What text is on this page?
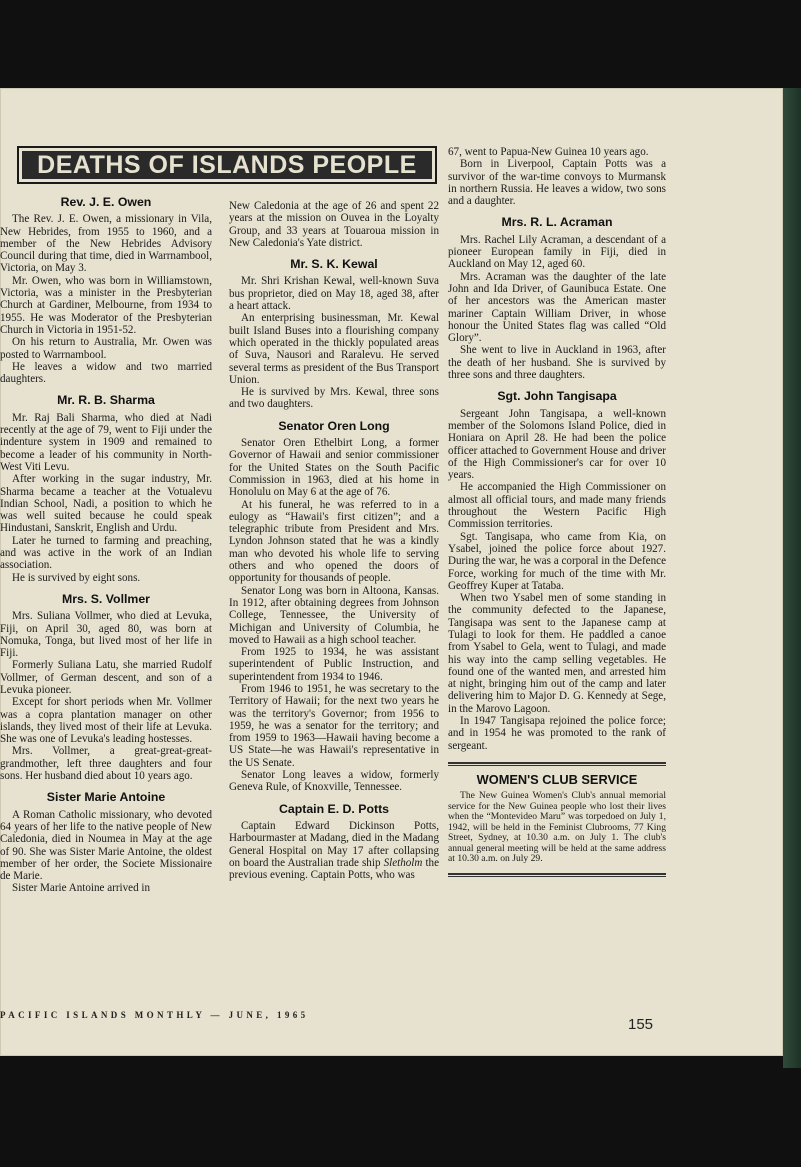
DEATHS OF ISLANDS PEOPLE
Rev. J. E. Owen

The Rev. J. E. Owen, a missionary in Vila, New Hebrides, from 1955 to 1960, and a member of the New Hebrides Advisory Council during that time, died in Warrnambool, Victoria, on May 3.

Mr. Owen, who was born in Williamstown, Victoria, was a minister in the Presbyterian Church at Gardiner, Melbourne, from 1934 to 1955. He was Moderator of the Presbyterian Church in Victoria in 1951-52.

On his return to Australia, Mr. Owen was posted to Warrnambool.

He leaves a widow and two married daughters.

Mr. R. B. Sharma

Mr. Raj Bali Sharma, who died at Nadi recently at the age of 79, went to Fiji under the indenture system in 1909 and remained to become a leader of his community in North-West Viti Levu.

After working in the sugar industry, Mr. Sharma became a teacher at the Votualevu Indian School, Nadi, a position to which he was well suited because he could speak Hindustani, Sanskrit, English and Urdu.

Later he turned to farming and preaching, and was active in the work of an Indian association.

He is survived by eight sons.

Mrs. S. Vollmer

Mrs. Suliana Vollmer, who died at Levuka, Fiji, on April 30, aged 80, was born at Nomuka, Tonga, but lived most of her life in Fiji.

Formerly Suliana Latu, she married Rudolf Vollmer, of German descent, and son of a Levuka pioneer.

Except for short periods when Mr. Vollmer was a copra plantation manager on other islands, they lived most of their life at Levuka. She was one of Levuka's leading hostesses.

Mrs. Vollmer, a great-great-great-grandmother, left three daughters and four sons. Her husband died about 10 years ago.

Sister Marie Antoine

A Roman Catholic missionary, who devoted 64 years of her life to the native people of New Caledonia, died in Noumea in May at the age of 90. She was Sister Marie Antoine, the oldest member of her order, the Societe Missionaire de Marie.

Sister Marie Antoine arrived in

New Caledonia at the age of 26 and spent 22 years at the mission on Ouvea in the Loyalty Group, and 33 years at Touaroua mission in New Caledonia's Yate district.

Mr. S. K. Kewal

Mr. Shri Krishan Kewal, well-known Suva bus proprietor, died on May 18, aged 38, after a heart attack.

An enterprising businessman, Mr. Kewal built Island Buses into a flourishing company which operated in the thickly populated areas of Suva, Nausori and Raralevu. He served several terms as president of the Bus Transport Union.

He is survived by Mrs. Kewal, three sons and two daughters.

Senator Oren Long

Senator Oren Ethelbirt Long, a former Governor of Hawaii and senior commissioner for the United States on the South Pacific Commission in 1963, died at his home in Honolulu on May 6 at the age of 76.

At his funeral, he was referred to in a eulogy as “Hawaii's first citizen”; and a telegraphic tribute from President and Mrs. Lyndon Johnson stated that he was a kindly man who devoted his whole life to serving others and who opened the doors of opportunity for thousands of people.

Senator Long was born in Altoona, Kansas. In 1912, after obtaining degrees from Johnson College, Tennessee, the University of Michigan and University of Columbia, he moved to Hawaii as a high school teacher.

From 1925 to 1934, he was assistant superintendent of Public Instruction, and superintendent from 1934 to 1946.

From 1946 to 1951, he was secretary to the Territory of Hawaii; for the next two years he was the territory's Governor; from 1956 to 1959, he was a senator for the territory; and from 1959 to 1963—Hawaii having become a US State—he was Hawaii's representative in the US Senate.

Senator Long leaves a widow, formerly Geneva Rule, of Knoxville, Tennessee.

Captain E. D. Potts

Captain Edward Dickinson Potts, Harbourmaster at Madang, died in the Madang General Hospital on May 17 after collapsing on board the Australian trade ship Sletholm the previous evening. Captain Potts, who was

67, went to Papua-New Guinea 10 years ago.

Born in Liverpool, Captain Potts was a survivor of the war-time convoys to Murmansk in northern Russia. He leaves a widow, two sons and a daughter.

Mrs. R. L. Acraman

Mrs. Rachel Lily Acraman, a descendant of a pioneer European family in Fiji, died in Auckland on May 12, aged 60.

Mrs. Acraman was the daughter of the late John and Ida Driver, of Gaunibuca Estate. One of her ancestors was the American master mariner Captain William Driver, in whose honour the United States flag was called “Old Glory”.

She went to live in Auckland in 1963, after the death of her husband. She is survived by three sons and three daughters.

Sgt. John Tangisapa

Sergeant John Tangisapa, a well-known member of the Solomons Island Police, died in Honiara on April 28. He had been the police officer attached to Government House and driver of the High Commissioner's car for over 10 years.

He accompanied the High Commissioner on almost all official tours, and made many friends throughout the Western Pacific High Commission territories.

Sgt. Tangisapa, who came from Kia, on Ysabel, joined the police force about 1927. During the war, he was a corporal in the Defence Force, working for much of the time with Mr. Geoffrey Kuper at Tataba.

When two Ysabel men of some standing in the community defected to the Japanese, Tangisapa was sent to the Japanese camp at Tulagi to look for them. He paddled a canoe from Ysabel to Gela, went to Tulagi, and made his way into the camp selling vegetables. He found one of the wanted men, and arrested him at night, bringing him out of the camp and later delivering him to Major D. G. Kennedy at Sege, in the Marovo Lagoon.

In 1947 Tangisapa rejoined the police force; and in 1954 he was promoted to the rank of sergeant.

WOMEN'S CLUB SERVICE

The New Guinea Women's Club's annual memorial service for the New Guinea people who lost their lives when the “Montevideo Maru” was torpedoed on July 1, 1942, will be held in the Feminist Clubrooms, 77 King Street, Sydney, at 10.30 a.m. on July 1. The club's annual general meeting will be held at the same address at 10.30 a.m. on July 29.

PACIFIC ISLANDS MONTHLY — JUNE, 1965
155
